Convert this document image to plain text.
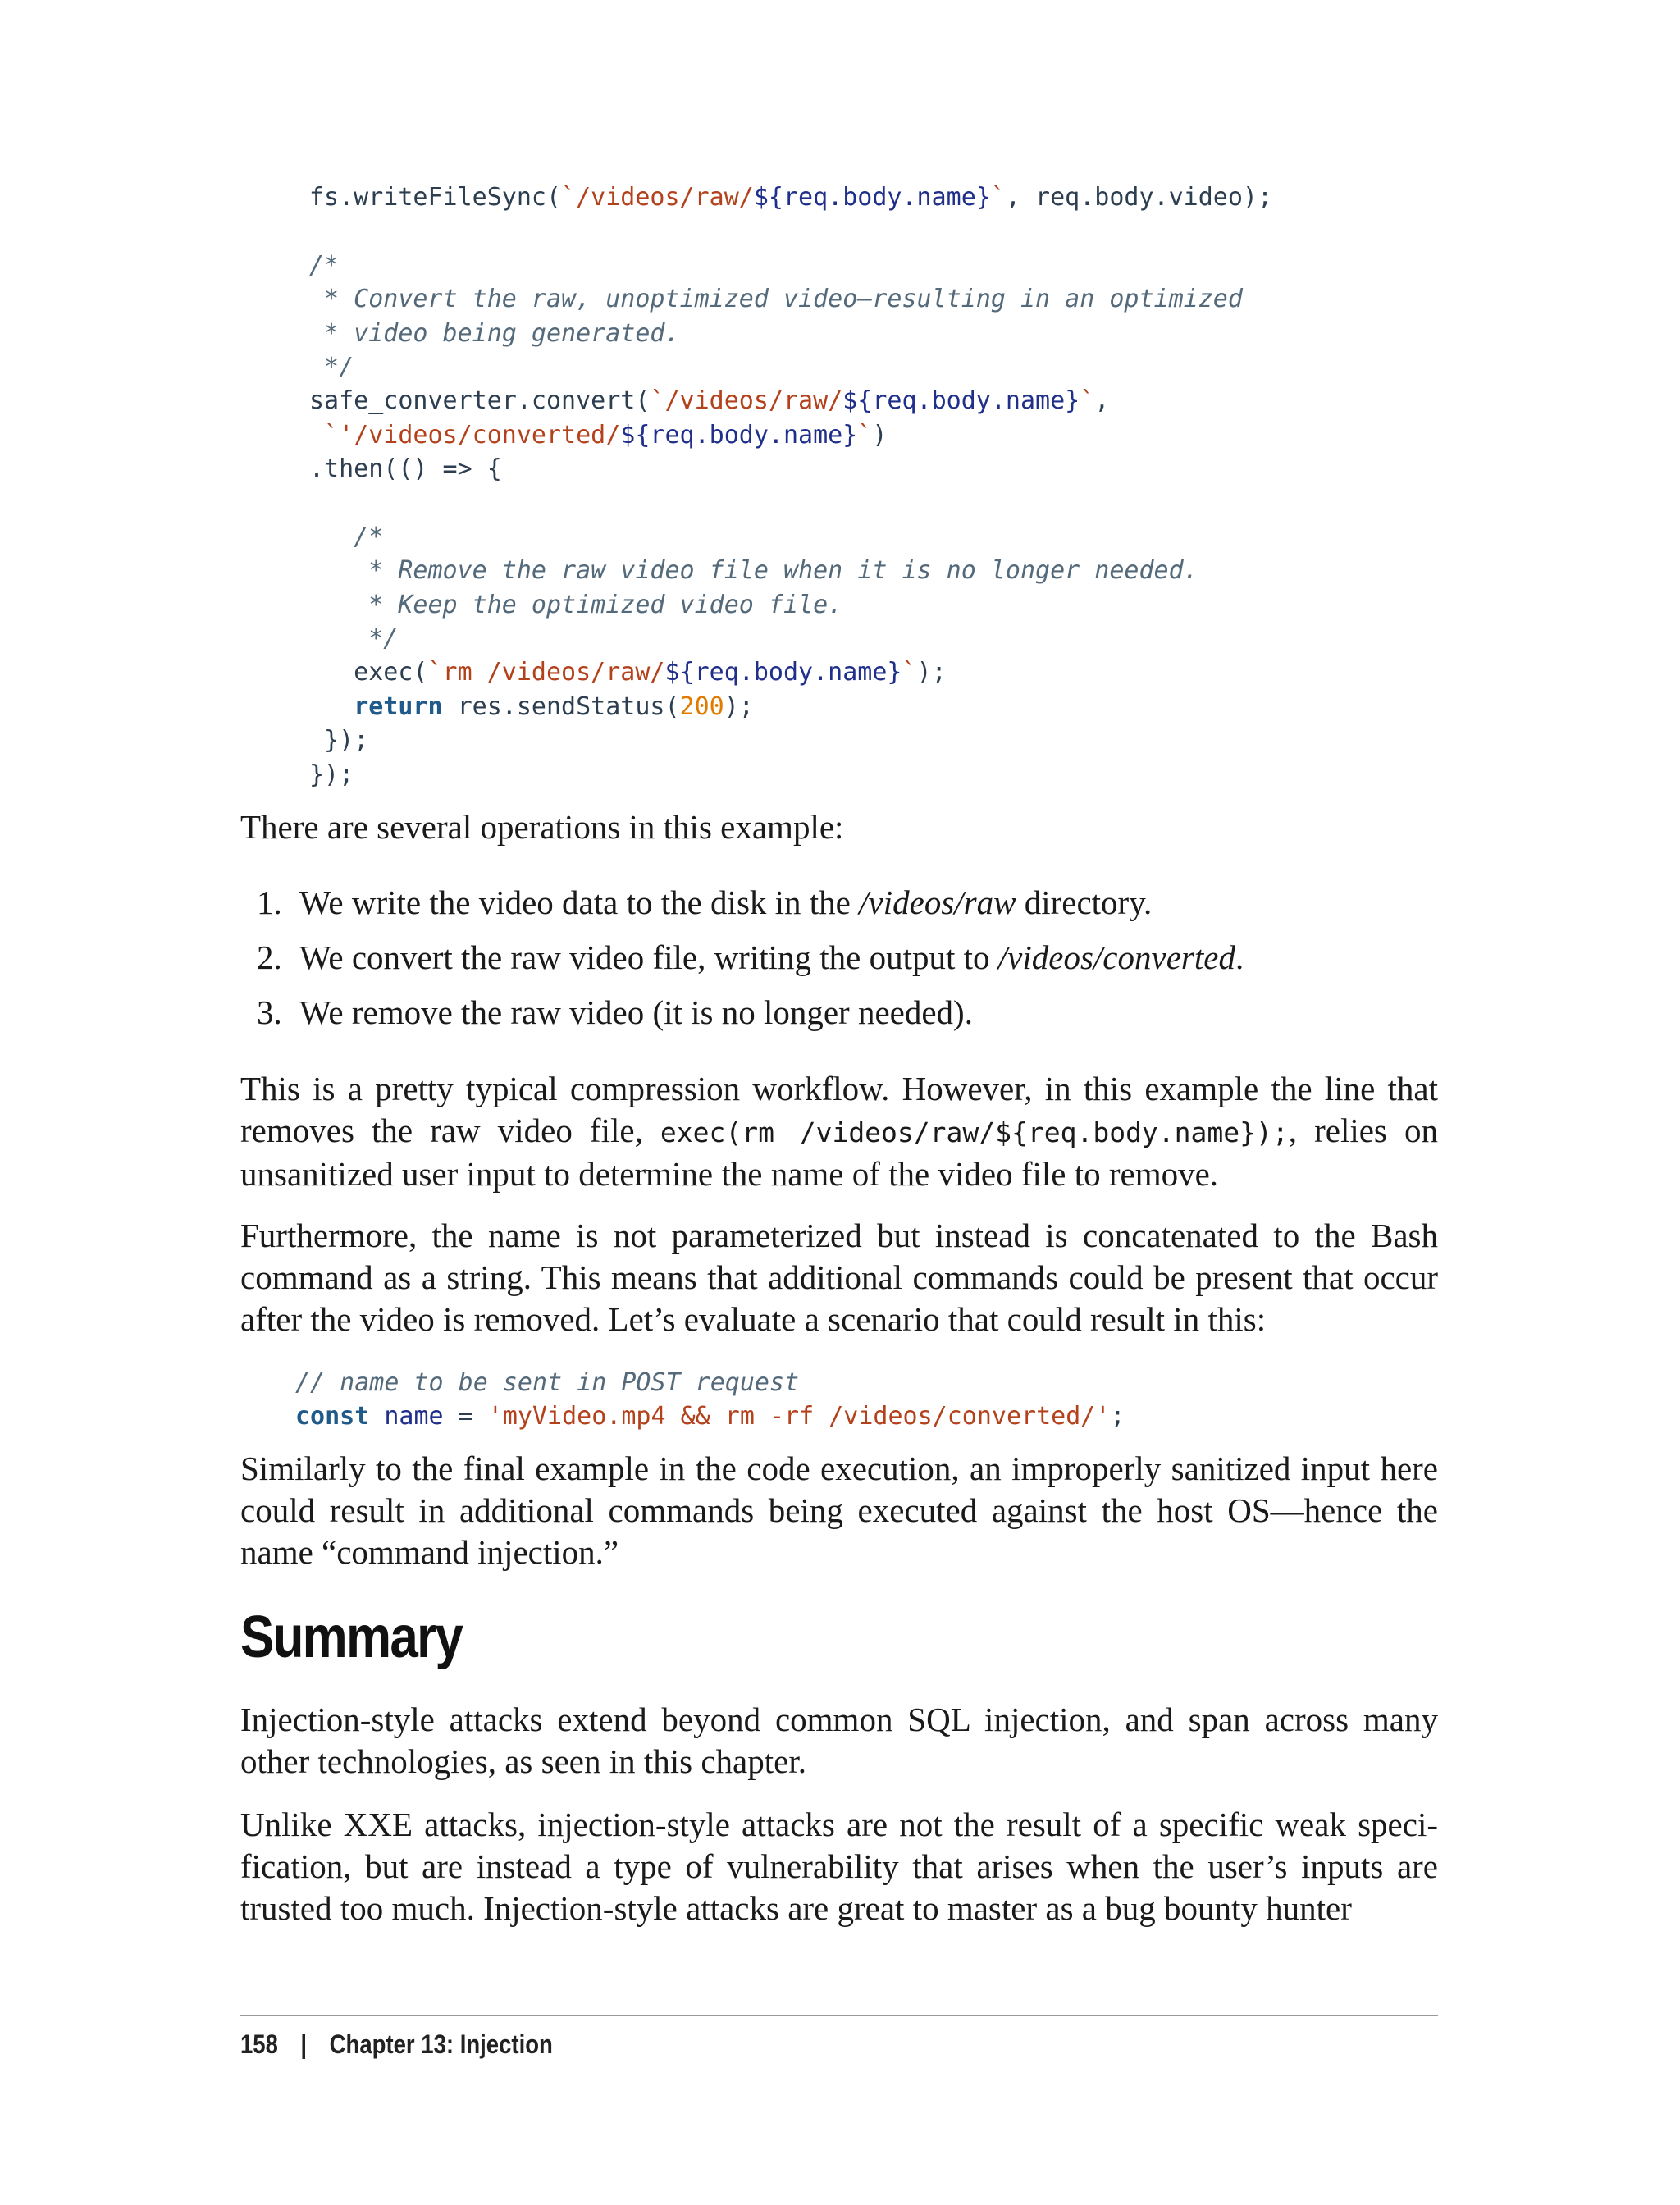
fs.writeFileSync(`/videos/raw/${req.body.name}`, req.body.video);

/*
* Convert the raw, unoptimized video—resulting in an optimized
* video being generated.
*/
safe_converter.convert(`/videos/raw/${req.body.name}`,
`'/videos/converted/${req.body.name}`)
.then(() => {

/*
* Remove the raw video file when it is no longer needed.
* Keep the optimized video file.
*/
exec(`rm /videos/raw/${req.body.name}`);
return res.sendStatus(200);
});
});

There are several operations in this example:

1. We write the video data to the disk in the /videos/raw directory.
2. We convert the raw video file, writing the output to /videos/converted.
3. We remove the raw video (it is no longer needed).

This is a pretty typical compression workflow. However, in this example the line that removes the raw video file, exec(rm /videos/raw/${req.body.name});, relies on unsanitized user input to determine the name of the video file to remove.

Furthermore, the name is not parameterized but instead is concatenated to the Bash command as a string. This means that additional commands could be present that occur after the video is removed. Let’s evaluate a scenario that could result in this:

// name to be sent in POST request
const name = 'myVideo.mp4 && rm -rf /videos/converted/';

Similarly to the final example in the code execution, an improperly sanitized input here could result in additional commands being executed against the host OS—hence the name “command injection.”

Summary

Injection-style attacks extend beyond common SQL injection, and span across many other technologies, as seen in this chapter.

Unlike XXE attacks, injection-style attacks are not the result of a specific weak specification, but are instead a type of vulnerability that arises when the user’s inputs are trusted too much. Injection-style attacks are great to master as a bug bounty hunter

158 | Chapter 13: Injection
